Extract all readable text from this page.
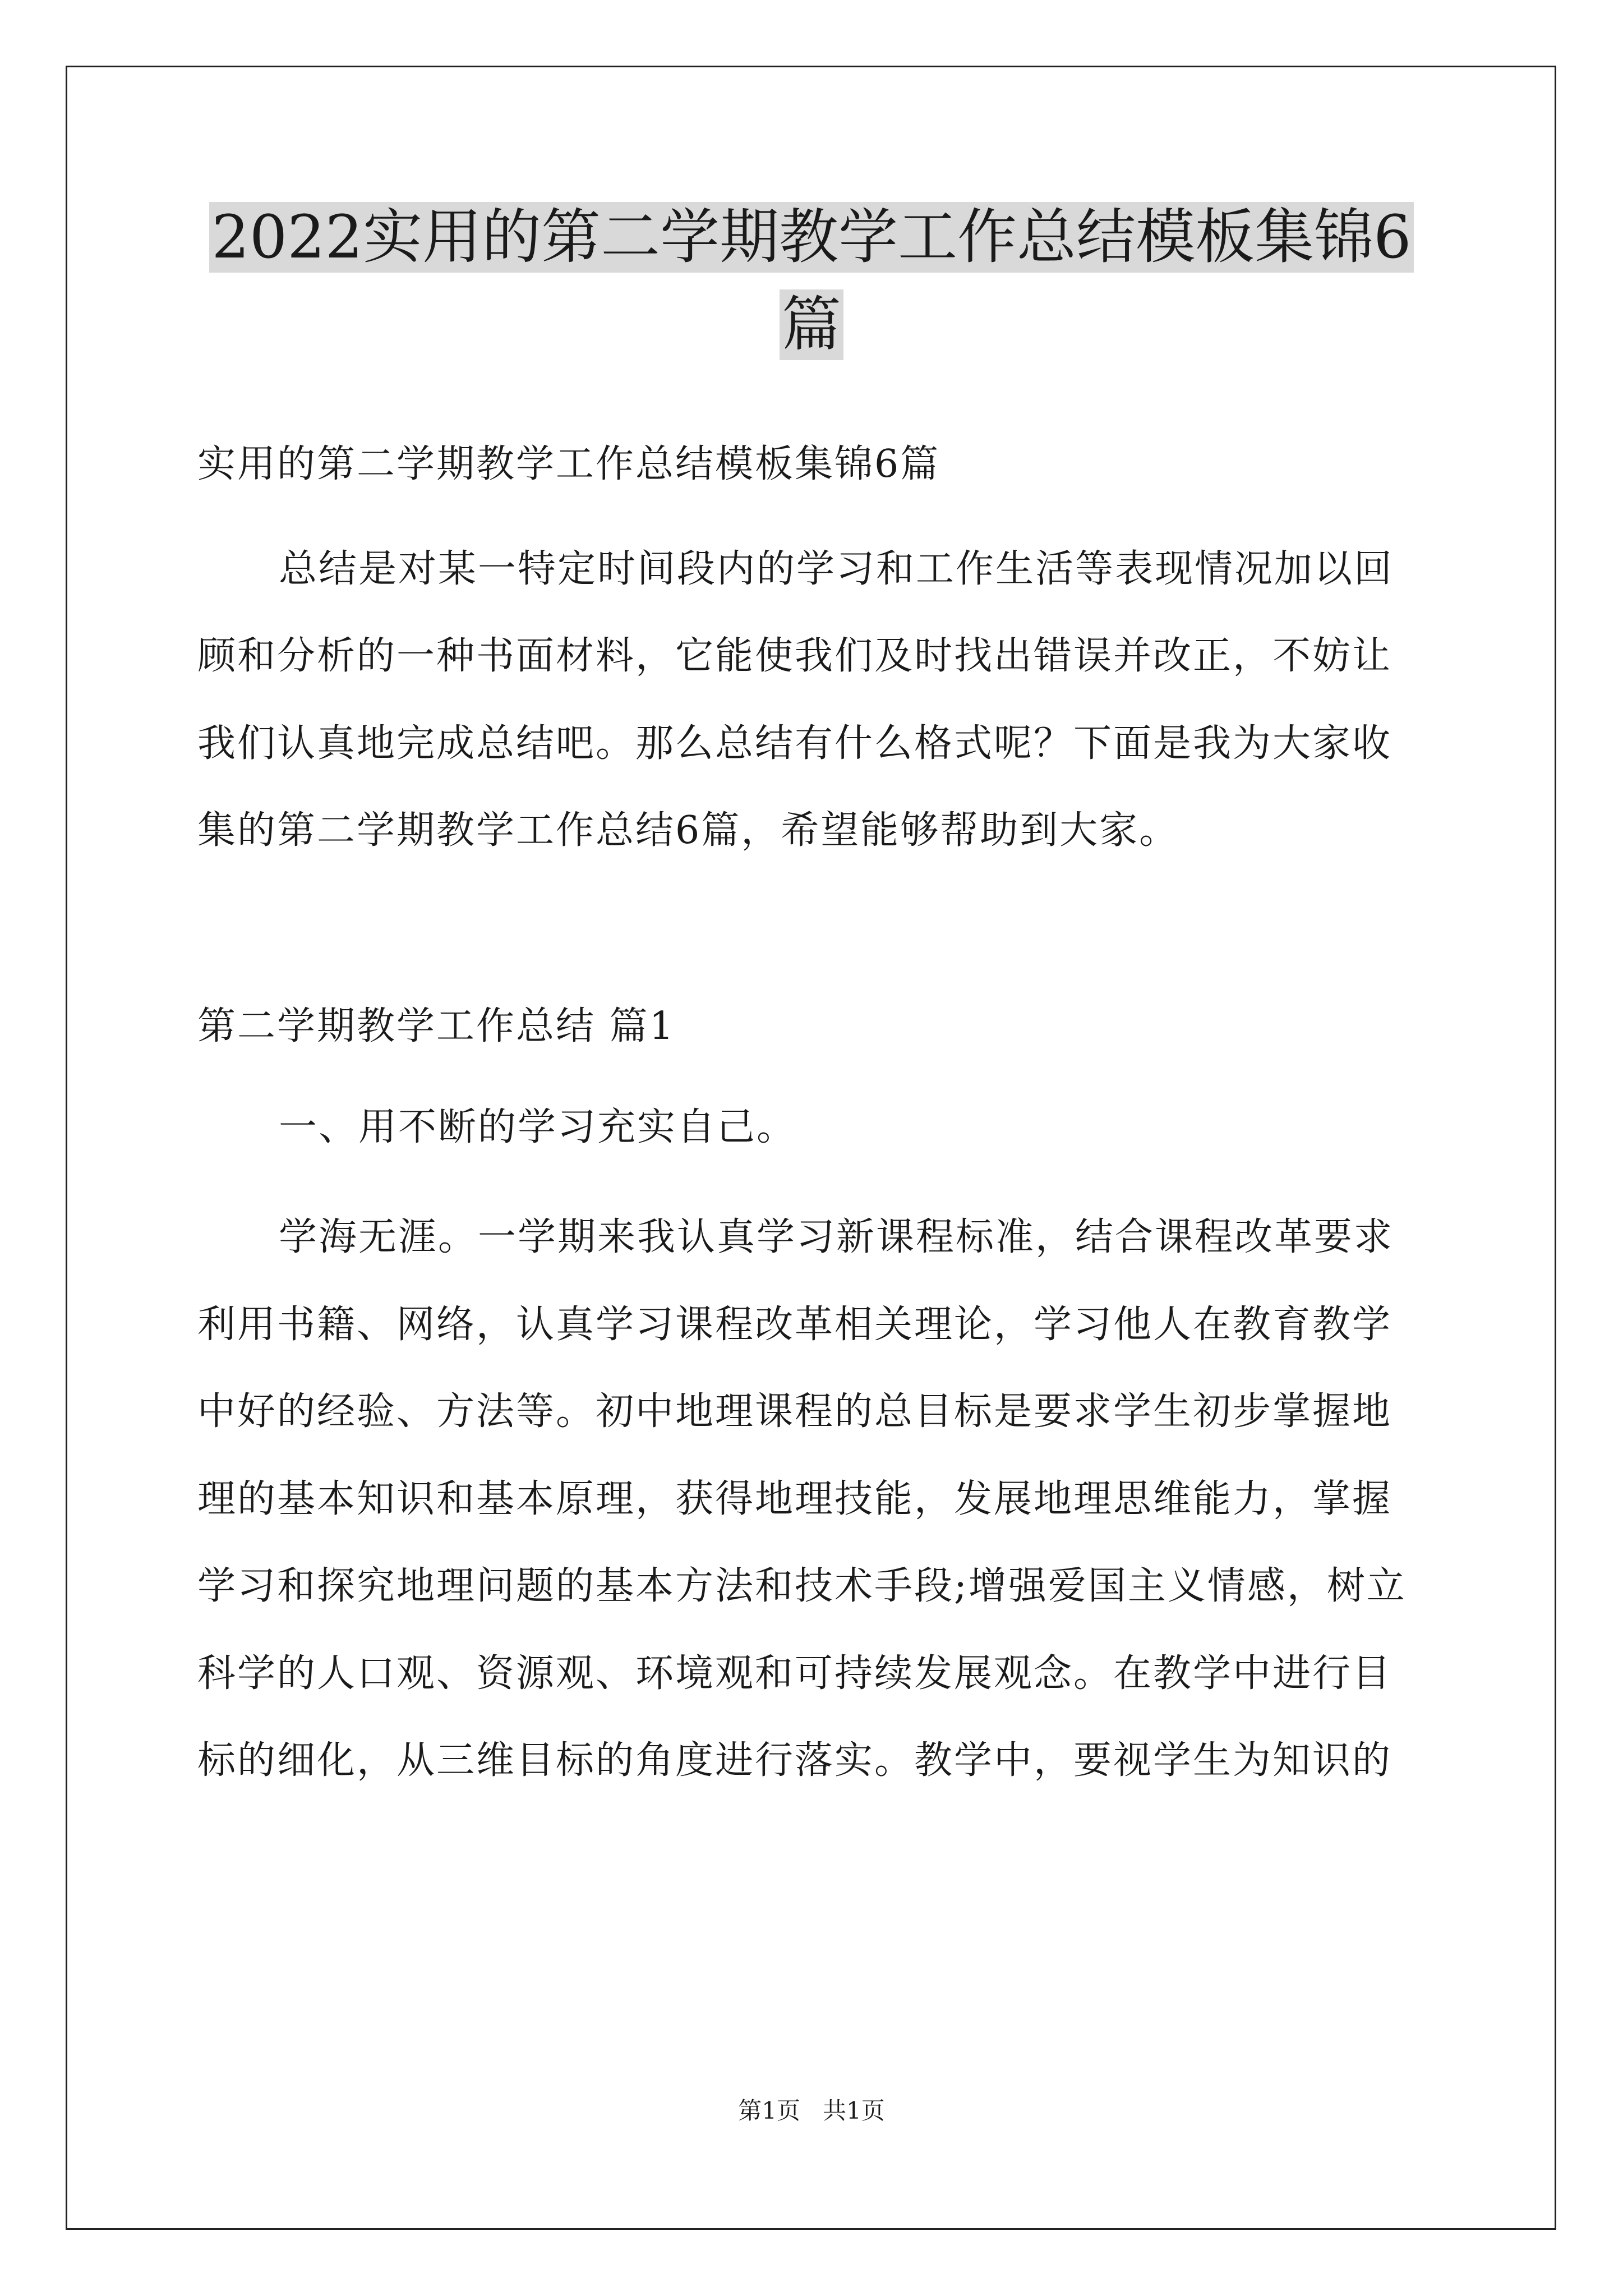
2022实用的第二学期教学工作总结模板集锦6
篇
实用的第二学期教学工作总结模板集锦6篇
总结是对某一特定时间段内的学习和工作生活等表现情况加以回
顾和分析的一种书面材料，它能使我们及时找出错误并改正，不妨让
我们认真地完成总结吧。那么总结有什么格式呢？下面是我为大家收
集的第二学期教学工作总结6篇，希望能够帮助到大家。
第二学期教学工作总结 篇1
一、用不断的学习充实自己。
学海无涯。一学期来我认真学习新课程标准，结合课程改革要求
利用书籍、网络，认真学习课程改革相关理论，学习他人在教育教学
中好的经验、方法等。初中地理课程的总目标是要求学生初步掌握地
理的基本知识和基本原理，获得地理技能，发展地理思维能力，掌握
学习和探究地理问题的基本方法和技术手段;增强爱国主义情感，树立
科学的人口观、资源观、环境观和可持续发展观念。在教学中进行目
标的细化，从三维目标的角度进行落实。教学中，要视学生为知识的
第1页   共1页
